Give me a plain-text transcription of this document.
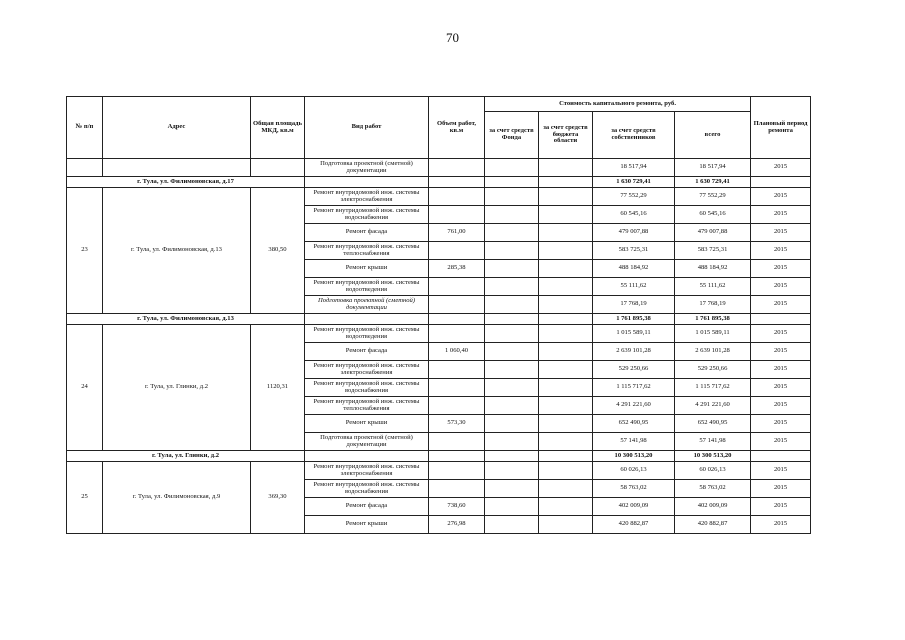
70
№ п/п	Адрес	Общая площадь МКД, кв.м	Вид работ	Объем работ, кв.м	Стоимость капитального ремонта, руб.				Плановый период ремонта
					за счет средств Фонда	за счет средств бюджета области	за счет средств собственников	всего	
			Подготовка проектной (сметной) документации				18 517,94	18 517,94	2015
г. Тула, ул. Филимоновская, д.17							1 630 729,41	1 630 729,41	
23	г. Тула, ул. Филимоновская, д.13	380,50	Ремонт внутридомовой инж. системы электроснабжения				77 552,29	77 552,29	2015
			Ремонт внутридомовой инж. системы водоснабжения				60 545,16	60 545,16	2015
			Ремонт фасада	761,00			479 007,88	479 007,88	2015
			Ремонт внутридомовой инж. системы теплоснабжения				583 725,31	583 725,31	2015
			Ремонт крыши	285,38			488 184,92	488 184,92	2015
			Ремонт внутридомовой инж. системы водоотведения				55 111,62	55 111,62	2015
			Подготовка проектной (сметной) документации				17 768,19	17 768,19	2015
г. Тула, ул. Филимоновская, д.13							1 761 895,38	1 761 895,38	
24	г. Тула, ул. Глинки, д.2	1120,31	Ремонт внутридомовой инж. системы водоотведения				1 015 589,11	1 015 589,11	2015
			Ремонт фасада	1 060,40			2 639 101,28	2 639 101,28	2015
			Ремонт внутридомовой инж. системы электроснабжения				529 250,66	529 250,66	2015
			Ремонт внутридомовой инж. системы водоснабжения				1 115 717,62	1 115 717,62	2015
			Ремонт внутридомовой инж. системы теплоснабжения				4 291 221,60	4 291 221,60	2015
			Ремонт крыши	573,30			652 490,95	652 490,95	2015
			Подготовка проектной (сметной) документации				57 141,98	57 141,98	2015
г. Тула, ул. Глинки, д.2							10 300 513,20	10 300 513,20	
25	г. Тула, ул. Филимоновская, д.9	369,30	Ремонт внутридомовой инж. системы электроснабжения				60 026,13	60 026,13	2015
			Ремонт внутридомовой инж. системы водоснабжения				58 763,02	58 763,02	2015
			Ремонт фасада	738,60			402 009,09	402 009,09	2015
			Ремонт крыши	276,98			420 882,87	420 882,87	2015
